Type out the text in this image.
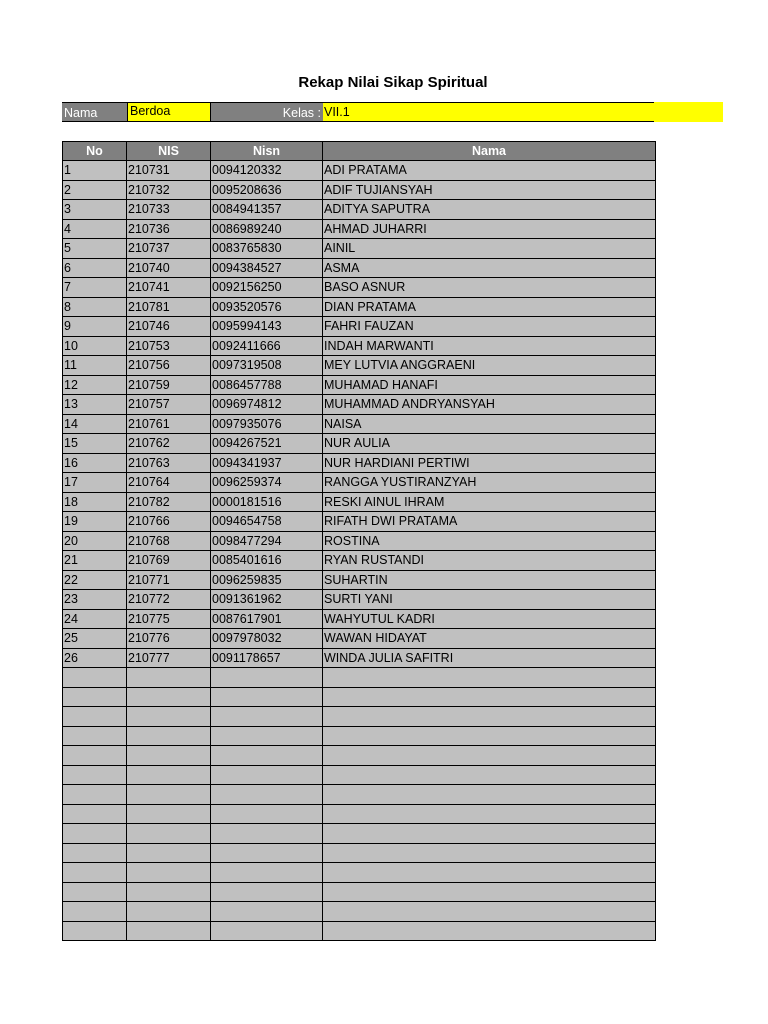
Rekap Nilai Sikap Spiritual
Nama	Berdoa	Kelas : VII.1
No	NIS	Nisn	Nama
1	210731	0094120332	ADI PRATAMA
2	210732	0095208636	ADIF TUJIANSYAH
3	210733	0084941357	ADITYA SAPUTRA
4	210736	0086989240	AHMAD JUHARRI
5	210737	0083765830	AINIL
6	210740	0094384527	ASMA
7	210741	0092156250	BASO ASNUR
8	210781	0093520576	DIAN PRATAMA
9	210746	0095994143	FAHRI FAUZAN
10	210753	0092411666	INDAH MARWANTI
11	210756	0097319508	MEY LUTVIA ANGGRAENI
12	210759	0086457788	MUHAMAD HANAFI
13	210757	0096974812	MUHAMMAD ANDRYANSYAH
14	210761	0097935076	NAISA
15	210762	0094267521	NUR AULIA
16	210763	0094341937	NUR HARDIANI PERTIWI
17	210764	0096259374	RANGGA YUSTIRANZYAH
18	210782	0000181516	RESKI AINUL IHRAM
19	210766	0094654758	RIFATH DWI PRATAMA
20	210768	0098477294	ROSTINA
21	210769	0085401616	RYAN RUSTANDI
22	210771	0096259835	SUHARTIN
23	210772	0091361962	SURTI YANI
24	210775	0087617901	WAHYUTUL KADRI
25	210776	0097978032	WAWAN HIDAYAT
26	210777	0091178657	WINDA JULIA SAFITRI
